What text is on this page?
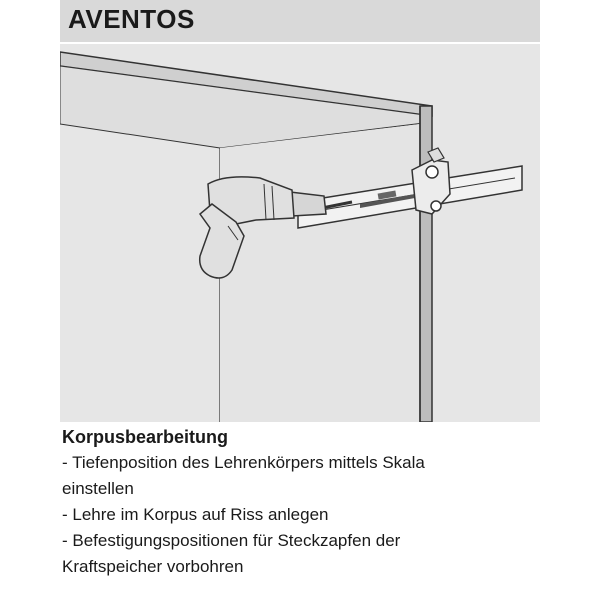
AVENTOS
Korpusbearbeitung
- Tiefenposition des Lehrenkörpers mittels Skala
einstellen
- Lehre im Korpus auf Riss anlegen
- Befestigungspositionen für Steckzapfen der
Kraftspeicher vorbohren
